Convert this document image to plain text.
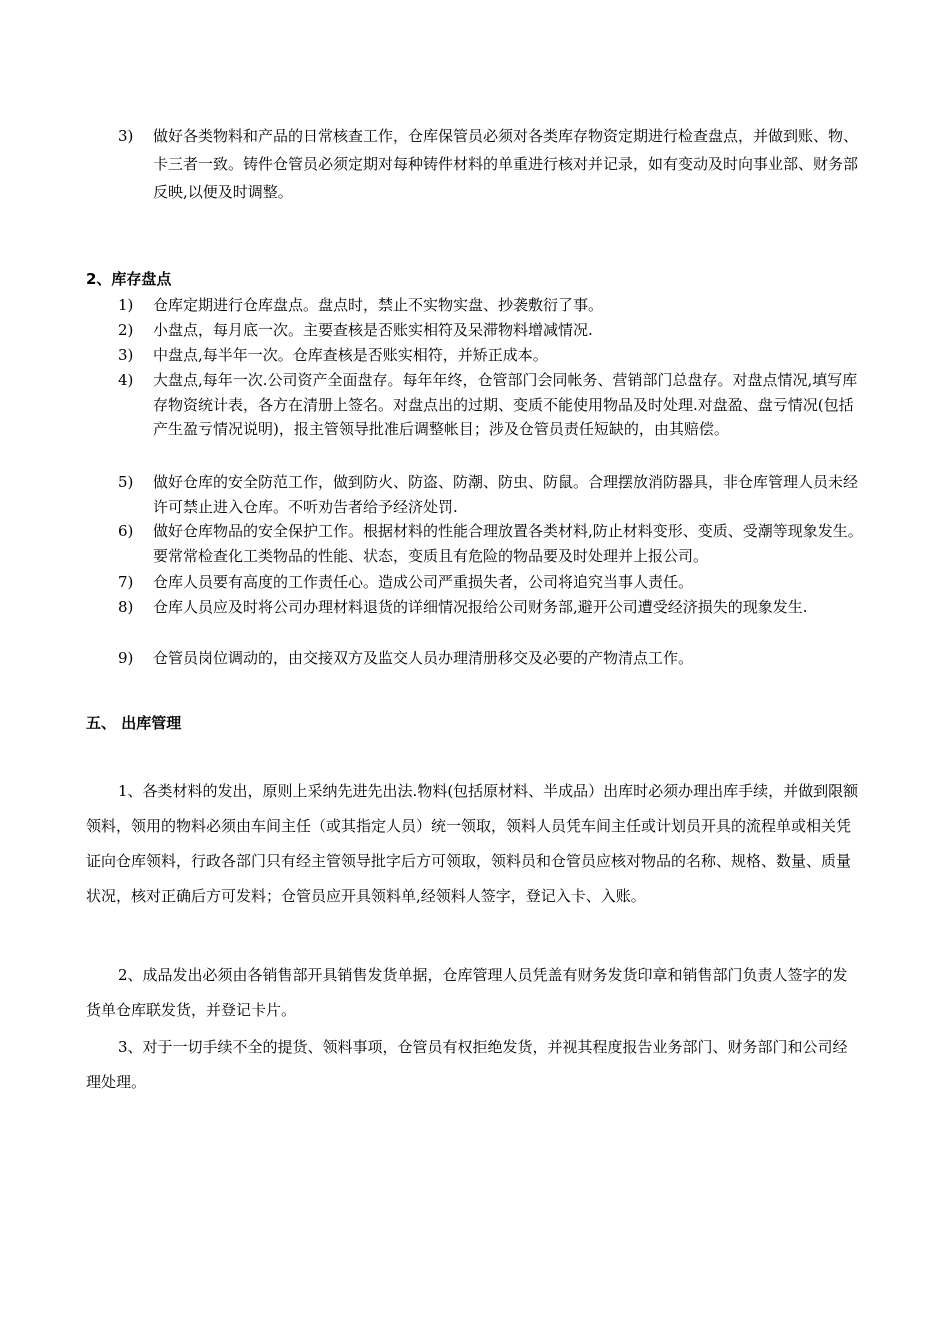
3)	做好各类物料和产品的日常核查工作，仓库保管员必须对各类库存物资定期进行检查盘点，并做到账、物、卡三者一致。铸件仓管员必须定期对每种铸件材料的单重进行核对并记录，如有变动及时向事业部、财务部反映,以便及时调整。
2、库存盘点
1)	仓库定期进行仓库盘点。盘点时，禁止不实物实盘、抄袭敷衍了事。
2)	小盘点，每月底一次。主要查核是否账实相符及呆滞物料增减情况.
3)	中盘点,每半年一次。仓库查核是否账实相符，并矫正成本。
4)	大盘点,每年一次.公司资产全面盘存。每年年终，仓管部门会同帐务、营销部门总盘存。对盘点情况,填写库存物资统计表，各方在清册上签名。对盘点出的过期、变质不能使用物品及时处理.对盘盈、盘亏情况(包括产生盈亏情况说明)，报主管领导批准后调整帐目；涉及仓管员责任短缺的，由其赔偿。
5)	做好仓库的安全防范工作，做到防火、防盗、防潮、防虫、防鼠。合理摆放消防器具，非仓库管理人员未经许可禁止进入仓库。不听劝告者给予经济处罚.
6)	做好仓库物品的安全保护工作。根据材料的性能合理放置各类材料,防止材料变形、变质、受潮等现象发生。要常常检查化工类物品的性能、状态，变质且有危险的物品要及时处理并上报公司。
7)	仓库人员要有高度的工作责任心。造成公司严重损失者，公司将追究当事人责任。
8)	仓库人员应及时将公司办理材料退货的详细情况报给公司财务部,避开公司遭受经济损失的现象发生.
9)	仓管员岗位调动的，由交接双方及监交人员办理清册移交及必要的产物清点工作。
五、 出库管理
1、各类材料的发出，原则上采纳先进先出法.物料(包括原材料、半成品）出库时必须办理出库手续，并做到限额领料，领用的物料必须由车间主任（或其指定人员）统一领取，领料人员凭车间主任或计划员开具的流程单或相关凭证向仓库领料，行政各部门只有经主管领导批字后方可领取，领料员和仓管员应核对物品的名称、规格、数量、质量状况，核对正确后方可发料；仓管员应开具领料单,经领料人签字，登记入卡、入账。
2、成品发出必须由各销售部开具销售发货单据，仓库管理人员凭盖有财务发货印章和销售部门负责人签字的发货单仓库联发货，并登记卡片。
3、对于一切手续不全的提货、领料事项，仓管员有权拒绝发货，并视其程度报告业务部门、财务部门和公司经理处理。
